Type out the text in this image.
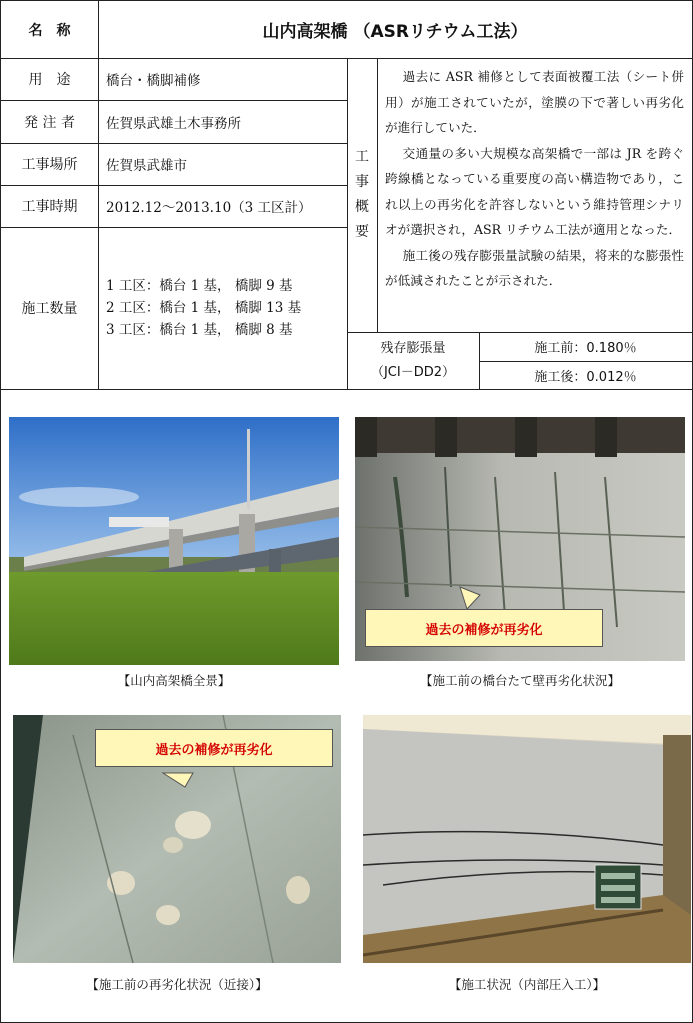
名　称	山内高架橋 （ASRリチウム工法）
用　途
発 注 者
工事場所
工事時期
施工数量
橋台・橋脚補修
佐賀県武雄土木事務所
佐賀県武雄市
2012.12～2013.10（3 工区計）
1 工区：橋台 1 基， 橋脚 9 基
2 工区：橋台 1 基， 橋脚 13 基
3 工区：橋台 1 基， 橋脚 8 基
工
事
概
要

過去に ASR 補修として表面被覆工法（シート併用）が施工されていたが，塗膜の下で著しい再劣化が進行していた．

交通量の多い大規模な高架橋で一部は JR を跨ぐ跨線橋となっている重要度の高い構造物であり，これ以上の再劣化を許容しないという維持管理シナリオが選択され，ASR リチウム工法が適用となった．

施工後の残存膨張量試験の結果，将来的な膨張性が低減されたことが示された．

残存膨張量
（JCI－DD2）
施工前：0.180％
施工後：0.012％
【山内高架橋全景】
過去の補修が再劣化
【施工前の橋台たて壁再劣化状況】
過去の補修が再劣化
【施工前の再劣化状況（近接）】	【施工状況（内部圧入工）】
